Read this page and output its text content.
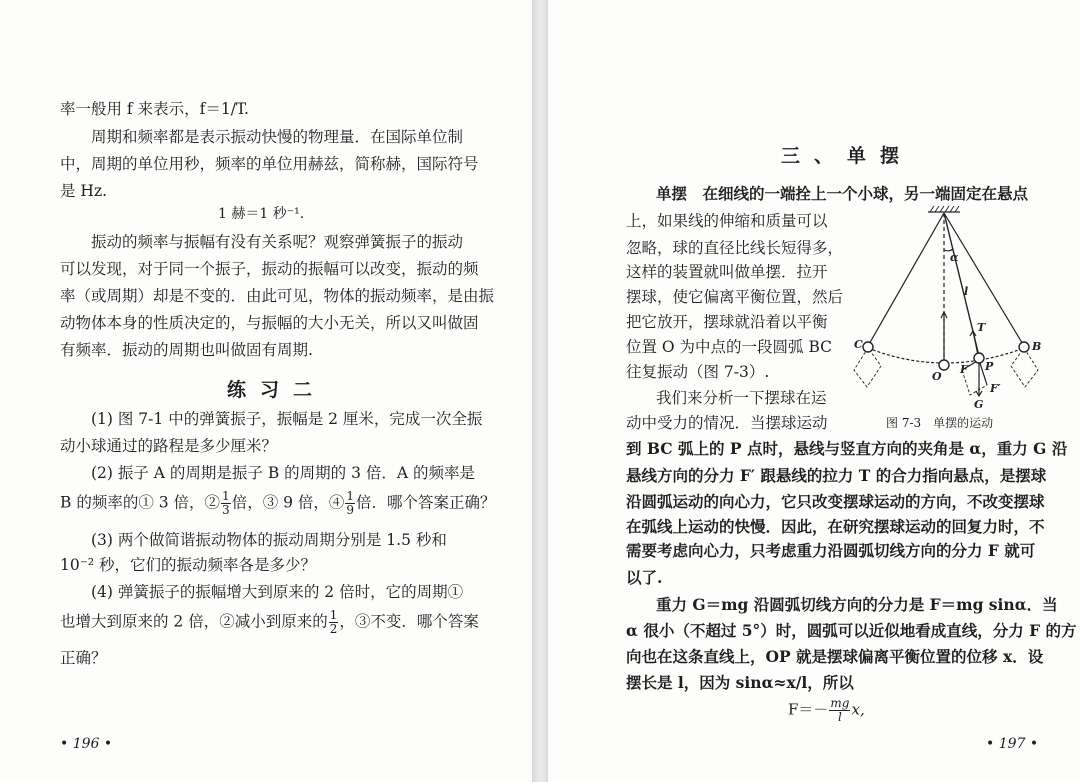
率一般用 f 来表示，f＝1/T.
周期和频率都是表示振动快慢的物理量．在国际单位制
中，周期的单位用秒，频率的单位用赫兹，简称赫，国际符号
是 Hz.
1 赫＝1 秒⁻¹.
振动的频率与振幅有没有关系呢？观察弹簧振子的振动
可以发现，对于同一个振子，振动的振幅可以改变，振动的频
率（或周期）却是不变的．由此可见，物体的振动频率，是由振
动物体本身的性质决定的，与振幅的大小无关，所以又叫做固
有频率．振动的周期也叫做固有周期.
练习二
(1) 图 7-1 中的弹簧振子，振幅是 2 厘米，完成一次全振
动小球通过的路程是多少厘米？
(2) 振子 A 的周期是振子 B 的周期的 3 倍．A 的频率是
B 的频率的① 3 倍，② $\frac{1}{3}$ 倍，③ 9 倍，④ $\frac{1}{9}$ 倍．哪个答案正确？
(3) 两个做简谐振动物体的振动周期分别是 1.5 秒和
10⁻² 秒，它们的振动频率各是多少？
(4) 弹簧振子的振幅增大到原来的 2 倍时，它的周期①
也增大到原来的 2 倍，②减小到原来的 $\frac{1}{2}$ ，③不变．哪个答案
正确？
• 196 •
三、单摆
单摆　在细线的一端拴上一个小球，另一端固定在悬点
上，如果线的伸缩和质量可以
忽略，球的直径比线长短得多，
这样的装置就叫做单摆．拉开
摆球，使它偏离平衡位置，然后
把它放开，摆球就沿着以平衡
位置 O 为中点的一段圆弧 BC
往复振动（图 7-3）.
我们来分析一下摆球在运
动中受力的情况．当摆球运动
到 BC 弧上的 P 点时，悬线与竖直方向的夹角是 α，重力 G 沿
悬线方向的分力 F′ 跟悬线的拉力 T 的合力指向悬点，是摆球
沿圆弧运动的向心力，它只改变摆球运动的方向，不改变摆球
在弧线上运动的快慢．因此，在研究摆球运动的回复力时，不
需要考虑向心力，只考虑重力沿圆弧切线方向的分力 F 就可
以了.
重力 G＝mg 沿圆弧切线方向的分力是 F＝mg sinα．当
α 很小（不超过 5°）时，圆弧可以近似地看成直线，分力 F 的方
向也在这条直线上，OP 就是摆球偏离平衡位置的位移 x．设
摆长是 l，因为 sinα≈x/l，所以
$F=- \frac{mg}{l} x$,
α
l
T
C
O
F P
F′
B
G
图 7-3　单摆的运动
• 197 •
